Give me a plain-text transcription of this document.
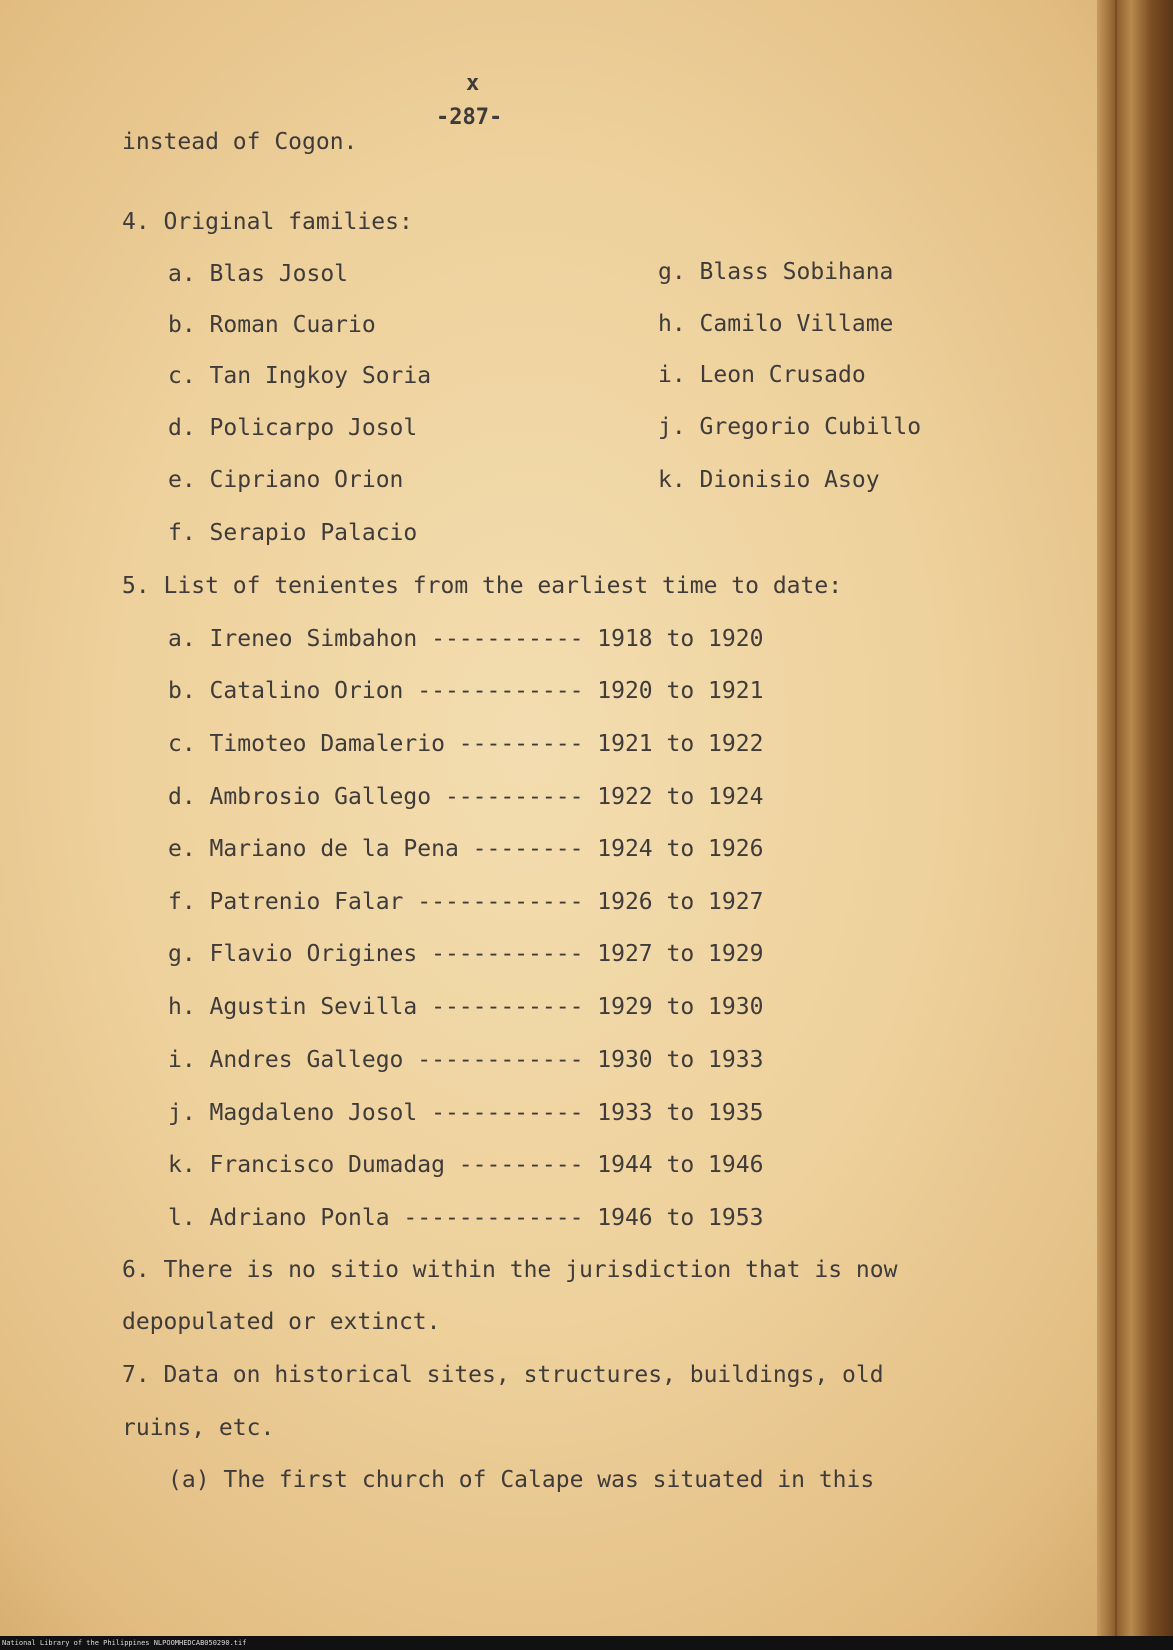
x
-287-
instead of Cogon.
4. Original families:
a. Blas Josol
b. Roman Cuario
c. Tan Ingkoy Soria
d. Policarpo Josol
e. Cipriano Orion
f. Serapio Palacio
g. Blass Sobihana
h. Camilo Villame
i. Leon Crusado
j. Gregorio Cubillo
k. Dionisio Asoy
5. List of tenientes from the earliest time to date:
a. Ireneo Simbahon ----------- 1918 to 1920
b. Catalino Orion ------------ 1920 to 1921
c. Timoteo Damalerio --------- 1921 to 1922
d. Ambrosio Gallego ---------- 1922 to 1924
e. Mariano de la Pena -------- 1924 to 1926
f. Patrenio Falar ------------ 1926 to 1927
g. Flavio Origines ----------- 1927 to 1929
h. Agustin Sevilla ----------- 1929 to 1930
i. Andres Gallego ------------ 1930 to 1933
j. Magdaleno Josol ----------- 1933 to 1935
k. Francisco Dumadag --------- 1944 to 1946
l. Adriano Ponla ------------- 1946 to 1953
6. There is no sitio within the jurisdiction that is now
depopulated or extinct.
7. Data on historical sites, structures, buildings, old
ruins, etc.
(a) The first church of Calape was situated in this
National Library of the Philippines NLPOOMHEDCAB050290.tif
